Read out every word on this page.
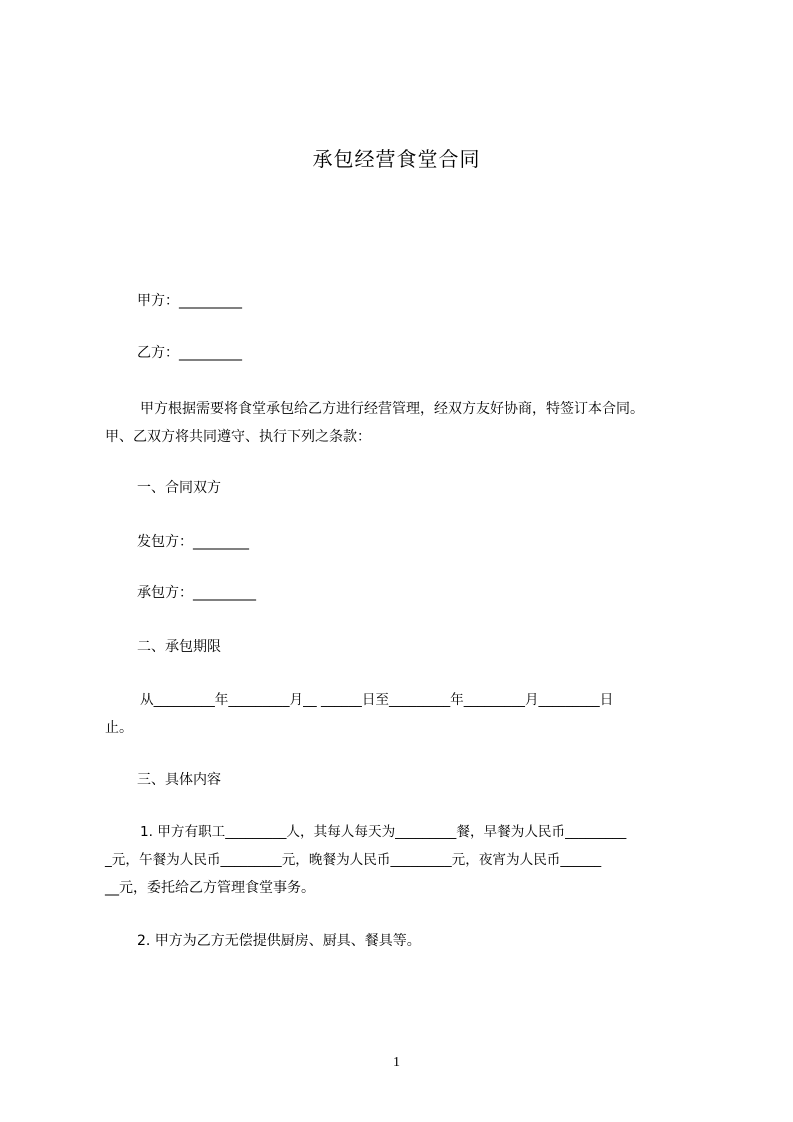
承包经营食堂合同
甲方：_________
乙方：_________
甲方根据需要将食堂承包给乙方进行经营管理，经双方友好协商，特签订本合同。
甲、乙双方将共同遵守、执行下列之条款：
一、合同双方
发包方：________
承包方：_________
二、承包期限
从_________年_________月__ ______日至_________年_________月_________日
止。
三、具体内容
1. 甲方有职工_________人，其每人每天为_________餐，早餐为人民币_________
_元，午餐为人民币_________元，晚餐为人民币_________元，夜宵为人民币______
__元，委托给乙方管理食堂事务。
2. 甲方为乙方无偿提供厨房、厨具、餐具等。
1
